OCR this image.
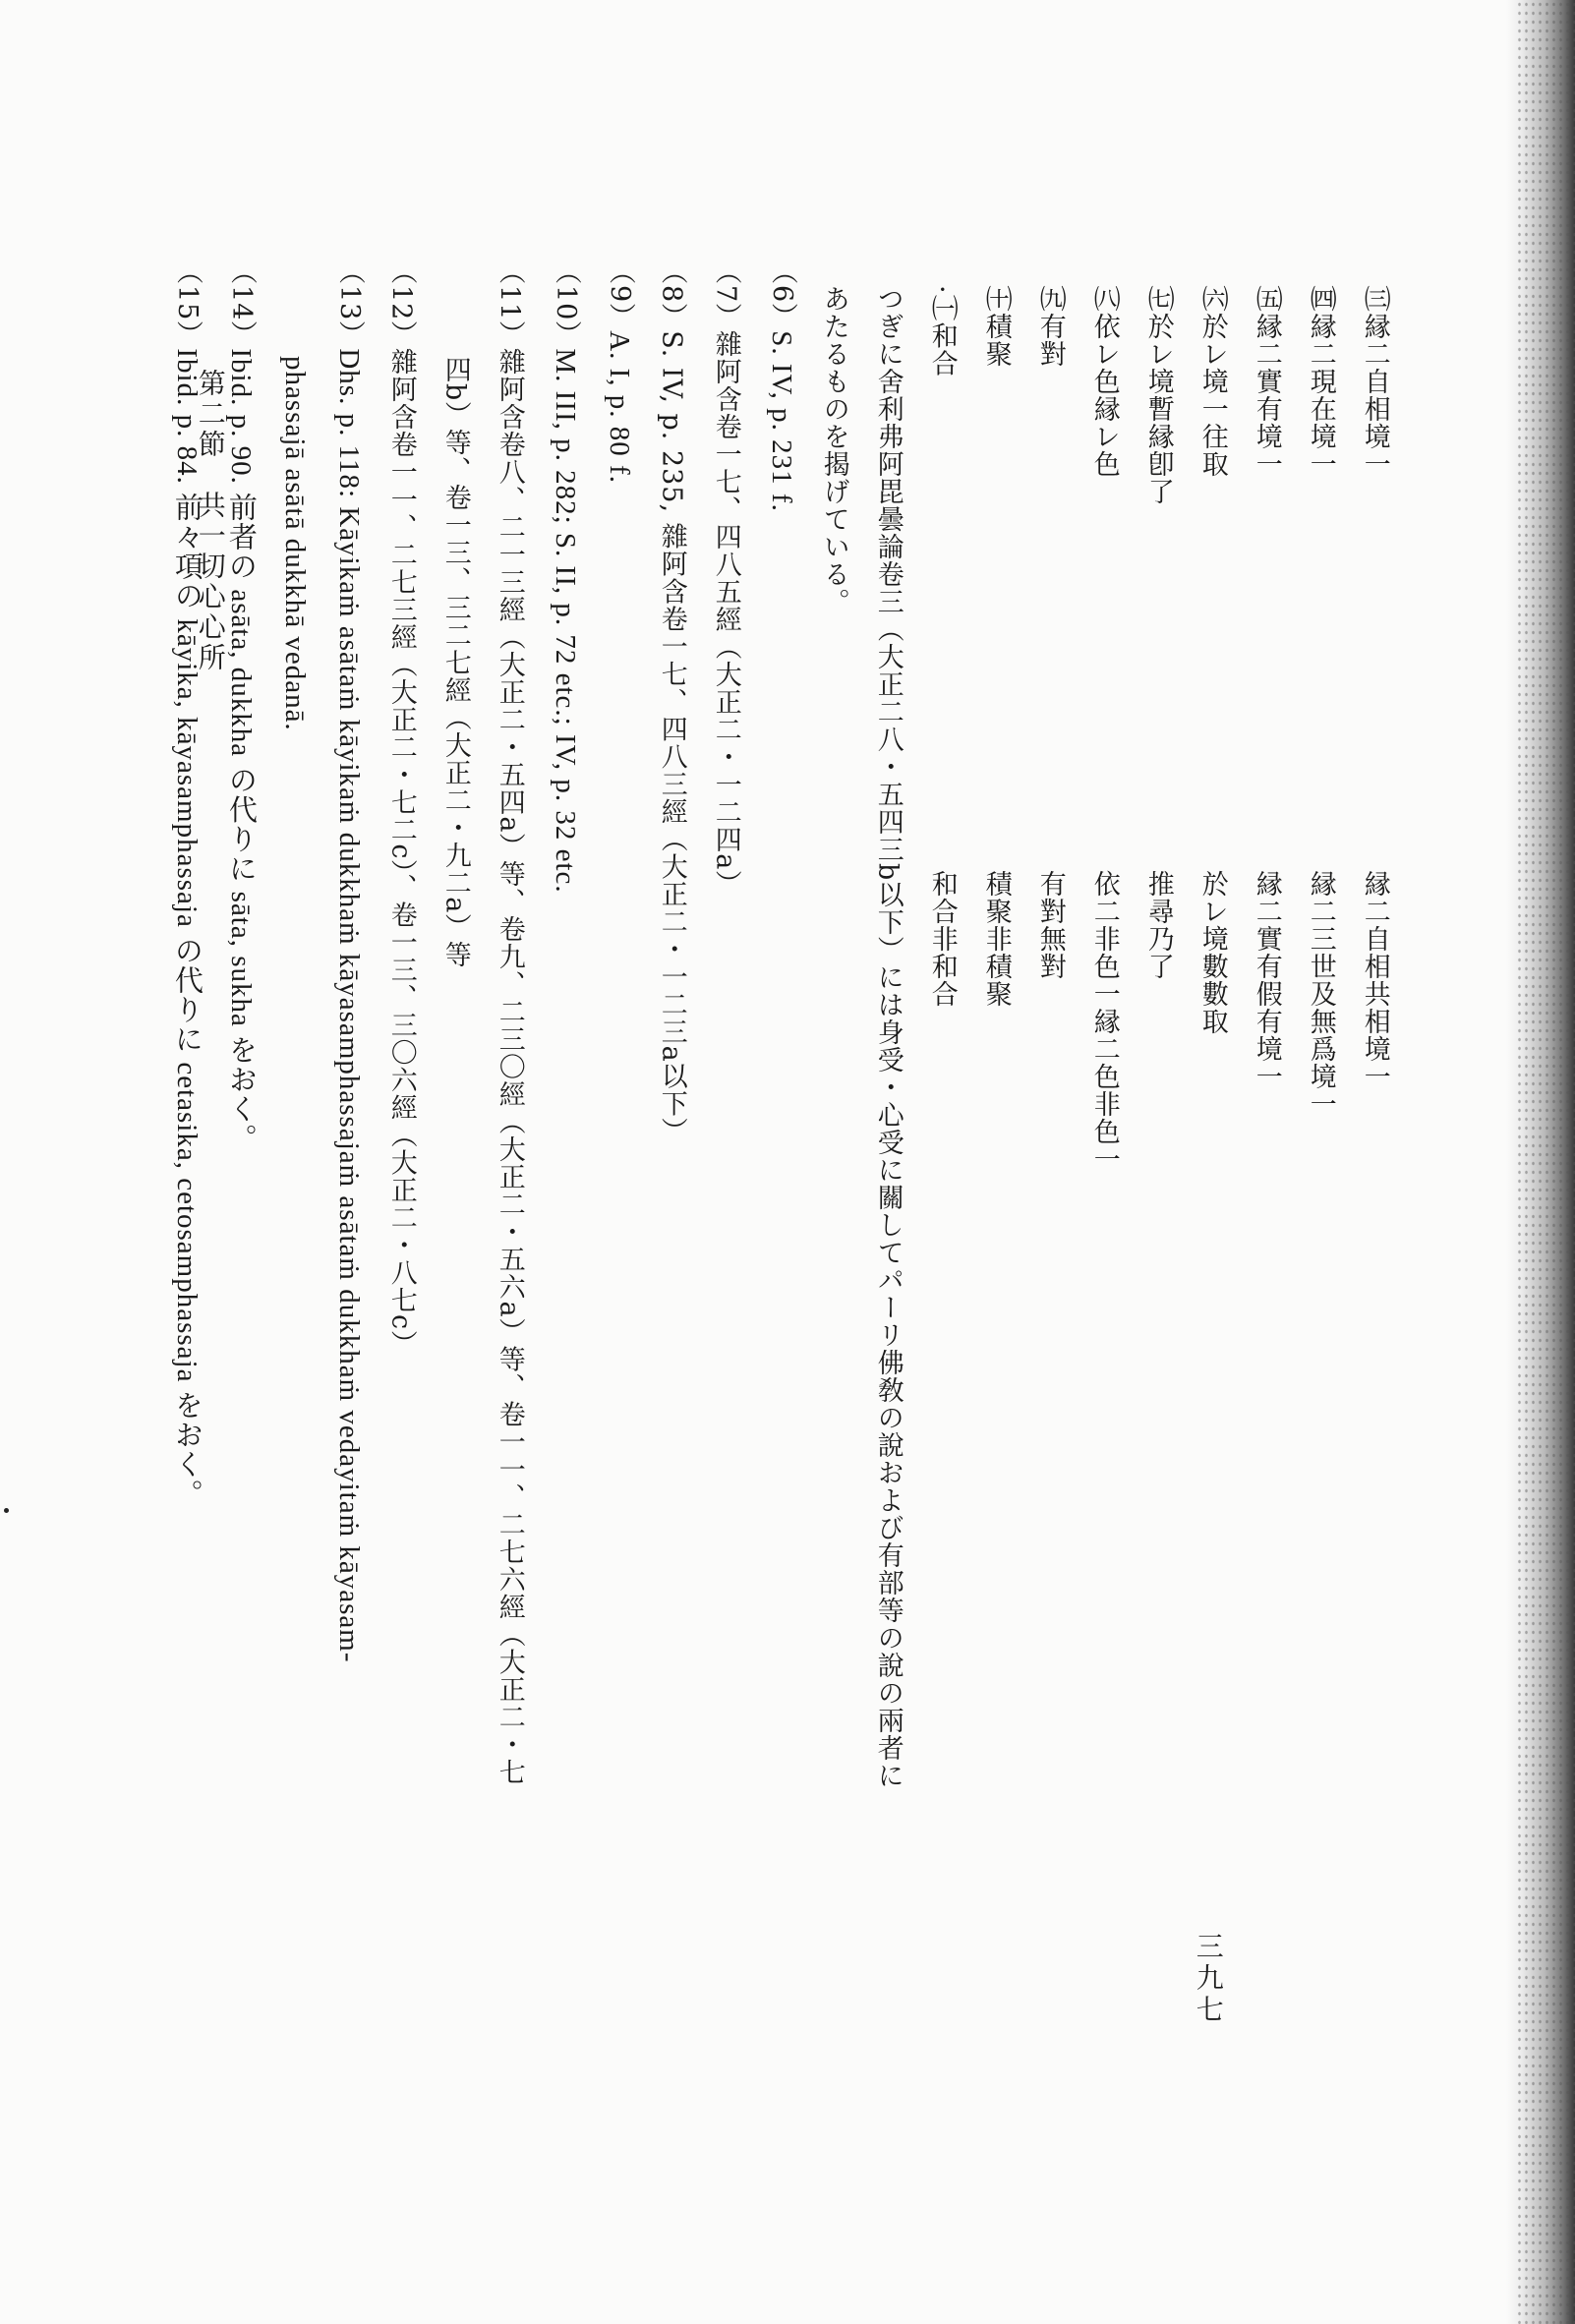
㈢縁二自相境一
㈣縁二現在境一
㈤縁二實有境一
㈥於レ境一往取
㈦於レ境暫縁卽了
㈧依レ色縁レ色
㈨有對
㈩積聚
·㈠和合
縁二自相共相境一
縁二三世及無爲境一
縁二實有假有境一
於レ境數數取
推尋乃了
依二非色一縁二色非色一
有對無對
積聚非積聚
和合非和合
つぎに舍利弗阿毘曇論卷三（大正二八・五四三b以下）には身受・心受に關してパーリ佛敎の說および有部等の說の兩者に
あたるものを揭げている。
（6）S. IV, p. 231 f.
（7）雜阿含卷一七、四八五經（大正二・一二四a）
（8）S. IV, p. 235, 雜阿含卷一七、四八三經（大正二・一二三a以下）
（9）A. I, p. 80 f.
（10）M. III, p. 282; S. II, p. 72 etc.; IV, p. 32 etc.
（11）雜阿含卷八、二一三經（大正二・五四a）等、卷九、二三〇經（大正二・五六a）等、卷一一、二七六經（大正二・七
四b）等、卷一三、三二七經（大正二・九二a）等
（12）雜阿含卷一一、二七三經（大正二・七二c）、卷一三、三〇六經（大正二・八七c）
（13）Dhs. p. 118: Kāyikaṁ asātaṁ kāyikaṁ dukkhaṁ kāyasamphassajaṁ asātaṁ dukkhaṁ vedayitaṁ kāyasam-
phassajā asātā dukkhā vedanā.
（14）Ibid. p. 90. 前者の asāta, dukkha の代りに sāta, sukha をおく。
（15）Ibid. p. 84. 前々項の kāyika, kāyasamphassaja の代りに cetasika, cetosamphassaja をおく。
第二節　共一切心心所
三九七
